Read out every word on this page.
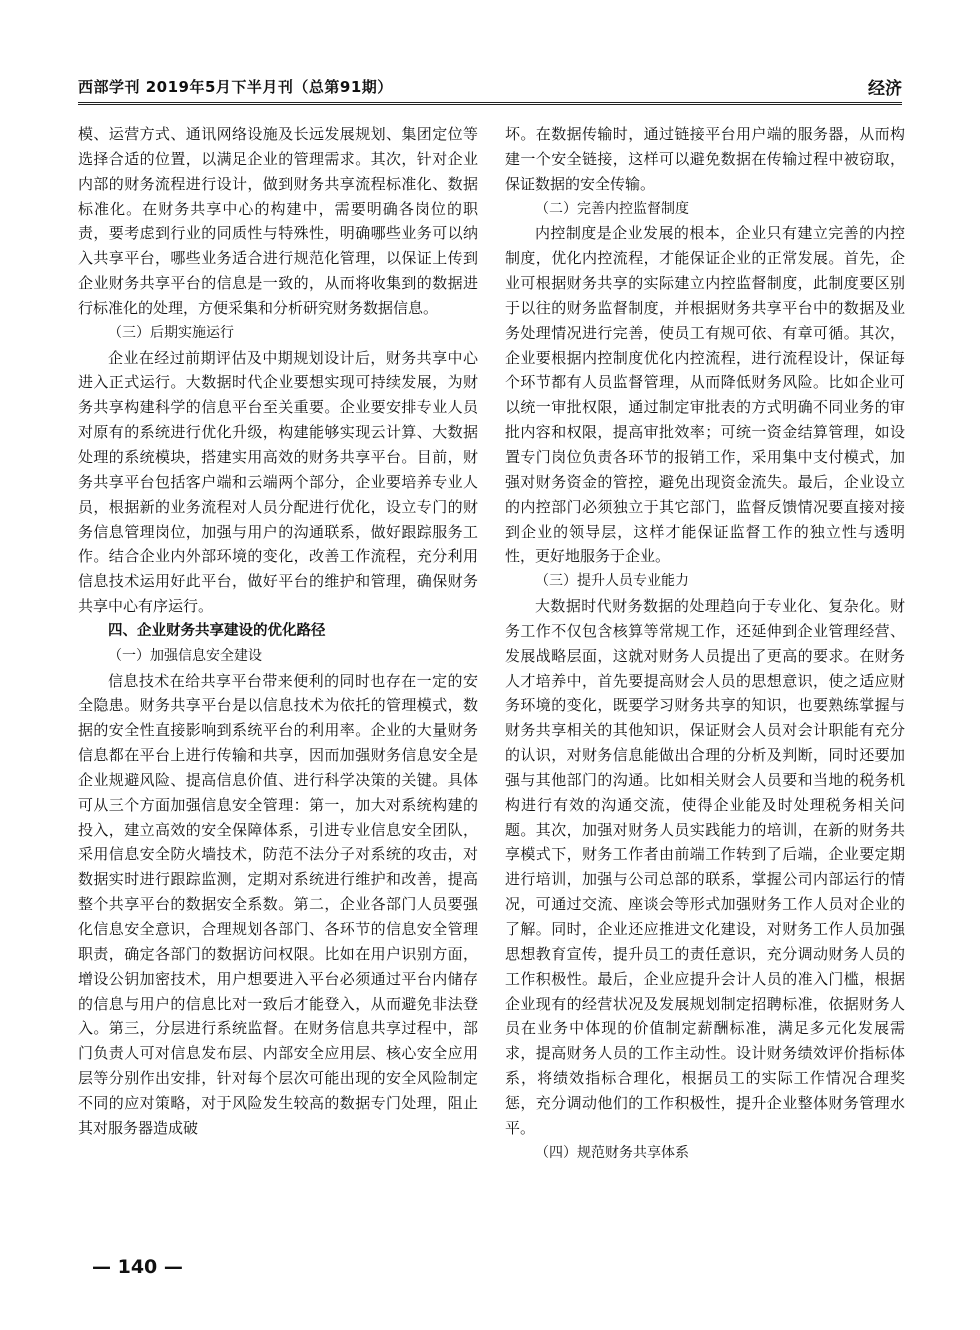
西部学刊 2019年5月下半月刊（总第91期）	经济

模、运营方式、通讯网络设施及长远发展规划、集团定位等选择合适的位置，以满足企业的管理需求。其次，针对企业内部的财务流程进行设计，做到财务共享流程标准化、数据标准化。在财务共享中心的构建中，需要明确各岗位的职责，要考虑到行业的同质性与特殊性，明确哪些业务可以纳入共享平台，哪些业务适合进行规范化管理，以保证上传到企业财务共享平台的信息是一致的，从而将收集到的数据进行标准化的处理，方便采集和分析研究财务数据信息。

（三）后期实施运行

企业在经过前期评估及中期规划设计后，财务共享中心进入正式运行。大数据时代企业要想实现可持续发展，为财务共享构建科学的信息平台至关重要。企业要安排专业人员对原有的系统进行优化升级，构建能够实现云计算、大数据处理的系统模块，搭建实用高效的财务共享平台。目前，财务共享平台包括客户端和云端两个部分，企业要培养专业人员，根据新的业务流程对人员分配进行优化，设立专门的财务信息管理岗位，加强与用户的沟通联系，做好跟踪服务工作。结合企业内外部环境的变化，改善工作流程，充分利用信息技术运用好此平台，做好平台的维护和管理，确保财务共享中心有序运行。

四、企业财务共享建设的优化路径

（一）加强信息安全建设

信息技术在给共享平台带来便利的同时也存在一定的安全隐患。财务共享平台是以信息技术为依托的管理模式，数据的安全性直接影响到系统平台的利用率。企业的大量财务信息都在平台上进行传输和共享，因而加强财务信息安全是企业规避风险、提高信息价值、进行科学决策的关键。具体可从三个方面加强信息安全管理：第一，加大对系统构建的投入，建立高效的安全保障体系，引进专业信息安全团队，采用信息安全防火墙技术，防范不法分子对系统的攻击，对数据实时进行跟踪监测，定期对系统进行维护和改善，提高整个共享平台的数据安全系数。第二，企业各部门人员要强化信息安全意识，合理规划各部门、各环节的信息安全管理职责，确定各部门的数据访问权限。比如在用户识别方面，增设公钥加密技术，用户想要进入平台必须通过平台内储存的信息与用户的信息比对一致后才能登入，从而避免非法登入。第三，分层进行系统监督。在财务信息共享过程中，部门负责人可对信息发布层、内部安全应用层、核心安全应用层等分别作出安排，针对每个层次可能出现的安全风险制定不同的应对策略，对于风险发生较高的数据专门处理，阻止其对服务器造成破

坏。在数据传输时，通过链接平台用户端的服务器，从而构建一个安全链接，这样可以避免数据在传输过程中被窃取，保证数据的安全传输。

（二）完善内控监督制度

内控制度是企业发展的根本，企业只有建立完善的内控制度，优化内控流程，才能保证企业的正常发展。首先，企业可根据财务共享的实际建立内控监督制度，此制度要区别于以往的财务监督制度，并根据财务共享平台中的数据及业务处理情况进行完善，使员工有规可依、有章可循。其次，企业要根据内控制度优化内控流程，进行流程设计，保证每个环节都有人员监督管理，从而降低财务风险。比如企业可以统一审批权限，通过制定审批表的方式明确不同业务的审批内容和权限，提高审批效率；可统一资金结算管理，如设置专门岗位负责各环节的报销工作，采用集中支付模式，加强对财务资金的管控，避免出现资金流失。最后，企业设立的内控部门必须独立于其它部门，监督反馈情况要直接对接到企业的领导层，这样才能保证监督工作的独立性与透明性，更好地服务于企业。

（三）提升人员专业能力

大数据时代财务数据的处理趋向于专业化、复杂化。财务工作不仅包含核算等常规工作，还延伸到企业管理经营、发展战略层面，这就对财务人员提出了更高的要求。在财务人才培养中，首先要提高财会人员的思想意识，使之适应财务环境的变化，既要学习财务共享的知识，也要熟练掌握与财务共享相关的其他知识，保证财会人员对会计职能有充分的认识，对财务信息能做出合理的分析及判断，同时还要加强与其他部门的沟通。比如相关财会人员要和当地的税务机构进行有效的沟通交流，使得企业能及时处理税务相关问题。其次，加强对财务人员实践能力的培训，在新的财务共享模式下，财务工作者由前端工作转到了后端，企业要定期进行培训，加强与公司总部的联系，掌握公司内部运行的情况，可通过交流、座谈会等形式加强财务工作人员对企业的了解。同时，企业还应推进文化建设，对财务工作人员加强思想教育宣传，提升员工的责任意识，充分调动财务人员的工作积极性。最后，企业应提升会计人员的准入门槛，根据企业现有的经营状况及发展规划制定招聘标准，依据财务人员在业务中体现的价值制定薪酬标准，满足多元化发展需求，提高财务人员的工作主动性。设计财务绩效评价指标体系，将绩效指标合理化，根据员工的实际工作情况合理奖惩，充分调动他们的工作积极性，提升企业整体财务管理水平。

（四）规范财务共享体系

— 140 —
